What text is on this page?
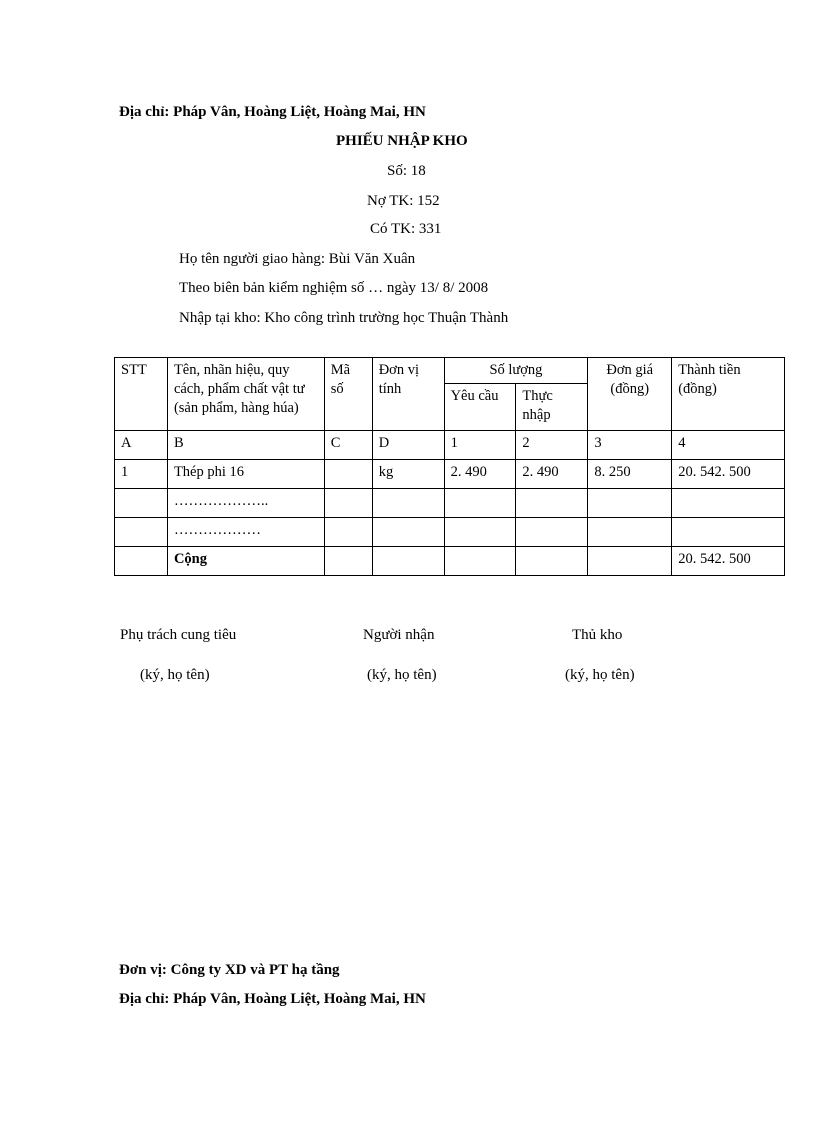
Địa chỉ: Pháp Vân, Hoàng Liệt, Hoàng Mai, HN
PHIẾU NHẬP KHO
Số: 18
Nợ TK: 152
Có TK: 331
Họ tên người giao hàng: Bùi Văn Xuân
Theo biên bản kiểm nghiệm số … ngày 13/ 8/ 2008
Nhập tại kho: Kho công trình trường học Thuận Thành
STT	Tên, nhãn hiệu, quy cách, phẩm chất vật tư (sản phẩm, hàng húa)	Mã số	Đơn vị tính	Số lượng		Đơn giá (đồng)	Thành tiền (đồng)
				Yêu cầu	Thực nhập		
A	B	C	D	1	2	3	4
1	Thép phi 16		kg	2. 490	2. 490	8. 250	20. 542. 500
	………………..						
	………………						
	Cộng						20. 542. 500
Phụ trách cung tiêu	Người nhận	Thủ kho
(ký, họ tên)	(ký, họ tên)	(ký, họ tên)
Đơn vị: Công ty XD và PT hạ tầng
Địa chỉ: Pháp Vân, Hoàng Liệt, Hoàng Mai, HN
